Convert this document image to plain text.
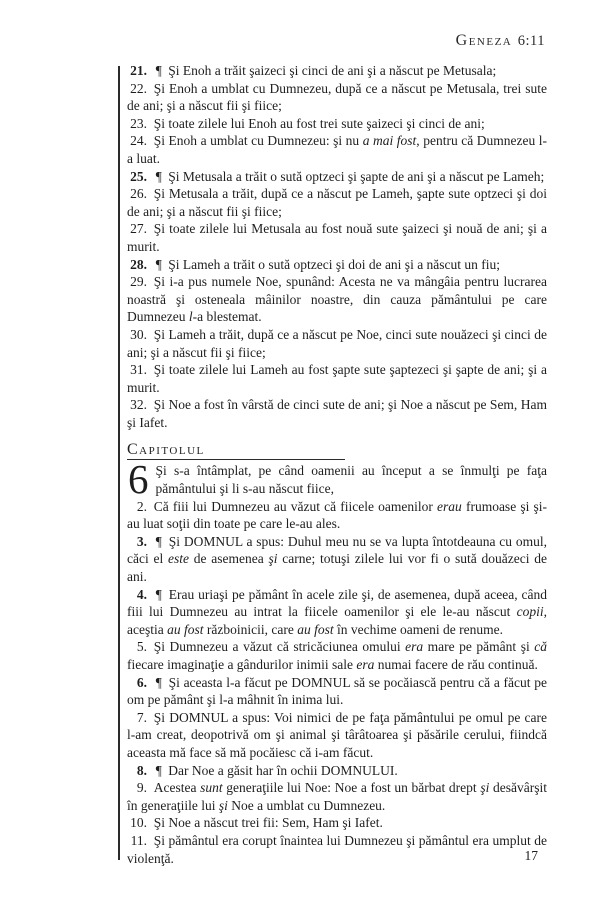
Geneza 6:11

21.  ¶ Şi Enoh a trăit şaizeci şi cinci de ani şi a născut pe Metusala;

22.  Şi Enoh a umblat cu Dumnezeu, după ce a născut pe Metusala, trei sute de ani; şi a născut fii şi fiice;

23.  Şi toate zilele lui Enoh au fost trei sute şaizeci şi cinci de ani;

24.  Şi Enoh a umblat cu Dumnezeu: şi nu a mai fost, pentru că Dumnezeu l-a luat.

25.  ¶ Şi Metusala a trăit o sută optzeci şi şapte de ani şi a născut pe Lameh;

26.  Şi Metusala a trăit, după ce a născut pe Lameh, şapte sute optzeci şi doi de ani; şi a născut fii şi fiice;

27.  Şi toate zilele lui Metusala au fost nouă sute şaizeci şi nouă de ani; şi a murit.

28.  ¶ Şi Lameh a trăit o sută optzeci şi doi de ani şi a născut un fiu;

29.  Şi i-a pus numele Noe, spunând: Acesta ne va mângâia pentru lucrarea noastră şi osteneala mâinilor noastre, din cauza pământului pe care Dumnezeu l-a blestemat.

30.  Şi Lameh a trăit, după ce a născut pe Noe, cinci sute nouăzeci şi cinci de ani; şi a născut fii şi fiice;

31.  Şi toate zilele lui Lameh au fost şapte sute şaptezeci şi şapte de ani; şi a murit.

32.  Şi Noe a fost în vârstă de cinci sute de ani; şi Noe a născut pe Sem, Ham şi Iafet.

Capitolul

6 Şi s-a întâmplat, pe când oamenii au început a se înmulţi pe faţa pământului şi li s-au născut fiice,

2.  Că fiii lui Dumnezeu au văzut că fiicele oamenilor erau frumoase şi şi-au luat soţii din toate pe care le-au ales.

3.  ¶ Şi DOMNUL a spus: Duhul meu nu se va lupta întotdeauna cu omul, căci el este de asemenea şi carne; totuşi zilele lui vor fi o sută douăzeci de ani.

4.  ¶ Erau uriaşi pe pământ în acele zile şi, de asemenea, după aceea, când fiii lui Dumnezeu au intrat la fiicele oamenilor şi ele le-au născut copii, aceştia au fost războinicii, care au fost în vechime oameni de renume.

5.  Şi Dumnezeu a văzut că stricăciunea omului era mare pe pământ şi că fiecare imaginaţie a gândurilor inimii sale era numai facere de rău continuă.

6.  ¶ Şi aceasta l-a făcut pe DOMNUL să se pocăiască pentru că a făcut pe om pe pământ şi l-a mâhnit în inima lui.

7.  Şi DOMNUL a spus: Voi nimici de pe faţa pământului pe omul pe care l-am creat, deopotrivă om şi animal şi târâtoarea şi păsările cerului, fiindcă aceasta mă face să mă pocăiesc că i-am făcut.

8.  ¶ Dar Noe a găsit har în ochii DOMNULUI.

9.  Acestea sunt generaţiile lui Noe: Noe a fost un bărbat drept şi desăvârşit în generaţiile lui şi Noe a umblat cu Dumnezeu.

10.  Şi Noe a născut trei fii: Sem, Ham şi Iafet.

11.  Şi pământul era corupt înaintea lui Dumnezeu şi pământul era umplut de violenţă.	17
